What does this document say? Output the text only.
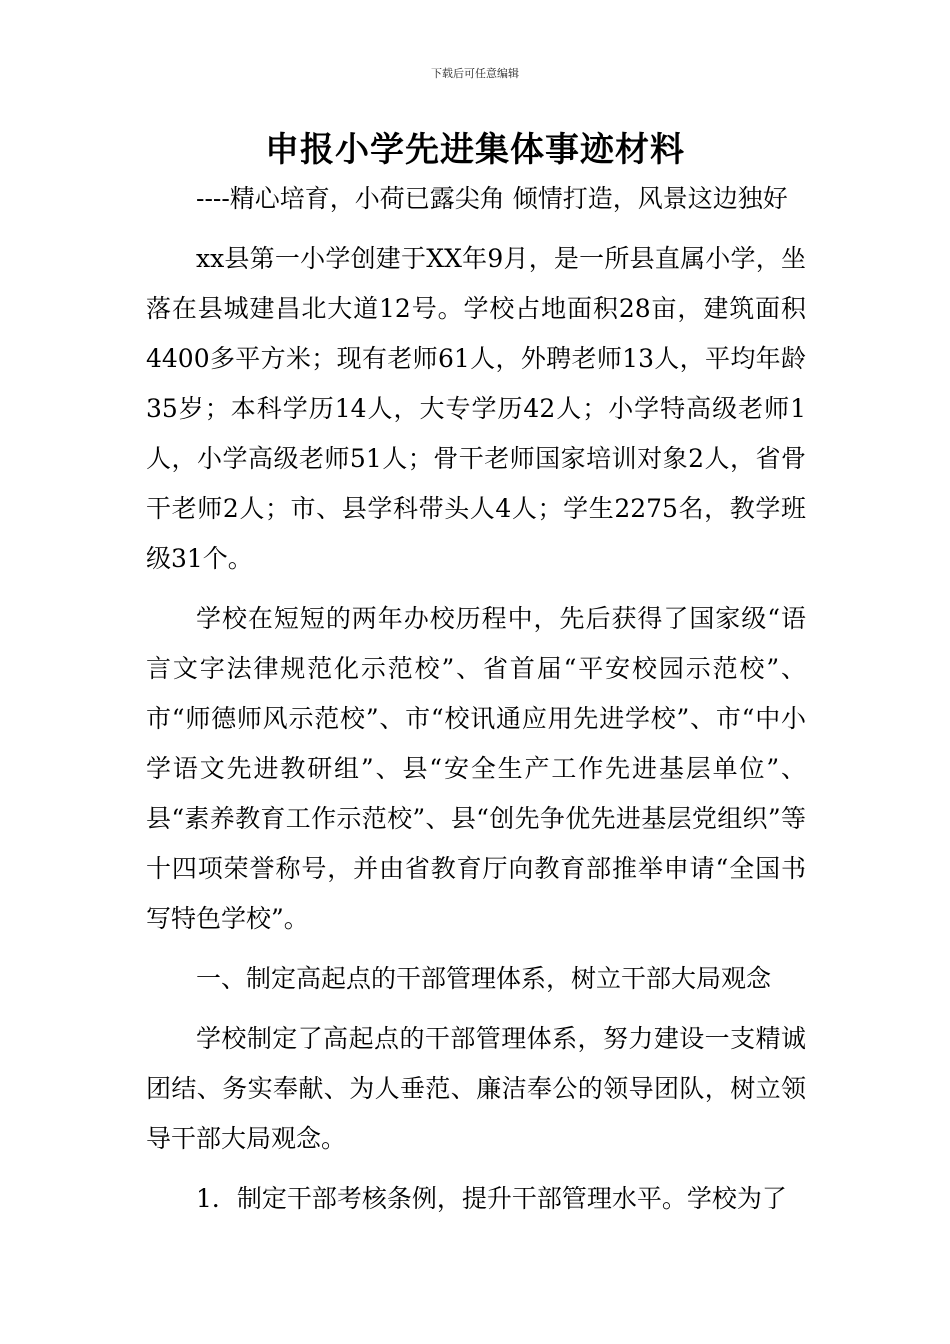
下载后可任意编辑
申报小学先进集体事迹材料

----精心培育，小荷已露尖角 倾情打造，风景这边独好

xx县第一小学创建于XX年9月，是一所县直属小学，坐落在县城建昌北大道12号。学校占地面积28亩，建筑面积4400多平方米；现有老师61人，外聘老师13人，平均年龄35岁；本科学历14人，大专学历42人；小学特高级老师1人，小学高级老师51人；骨干老师国家培训对象2人，省骨干老师2人；市、县学科带头人4人；学生2275名，教学班级31个。

学校在短短的两年办校历程中，先后获得了国家级“语言文字法律规范化示范校”、省首届“平安校园示范校”、市“师德师风示范校”、市“校讯通应用先进学校”、市“中小学语文先进教研组”、县“安全生产工作先进基层单位”、县“素养教育工作示范校”、县“创先争优先进基层党组织”等十四项荣誉称号，并由省教育厅向教育部推举申请“全国书写特色学校”。

一、制定高起点的干部管理体系，树立干部大局观念

学校制定了高起点的干部管理体系，努力建设一支精诚团结、务实奉献、为人垂范、廉洁奉公的领导团队，树立领导干部大局观念。

1．制定干部考核条例，提升干部管理水平。学校为了
